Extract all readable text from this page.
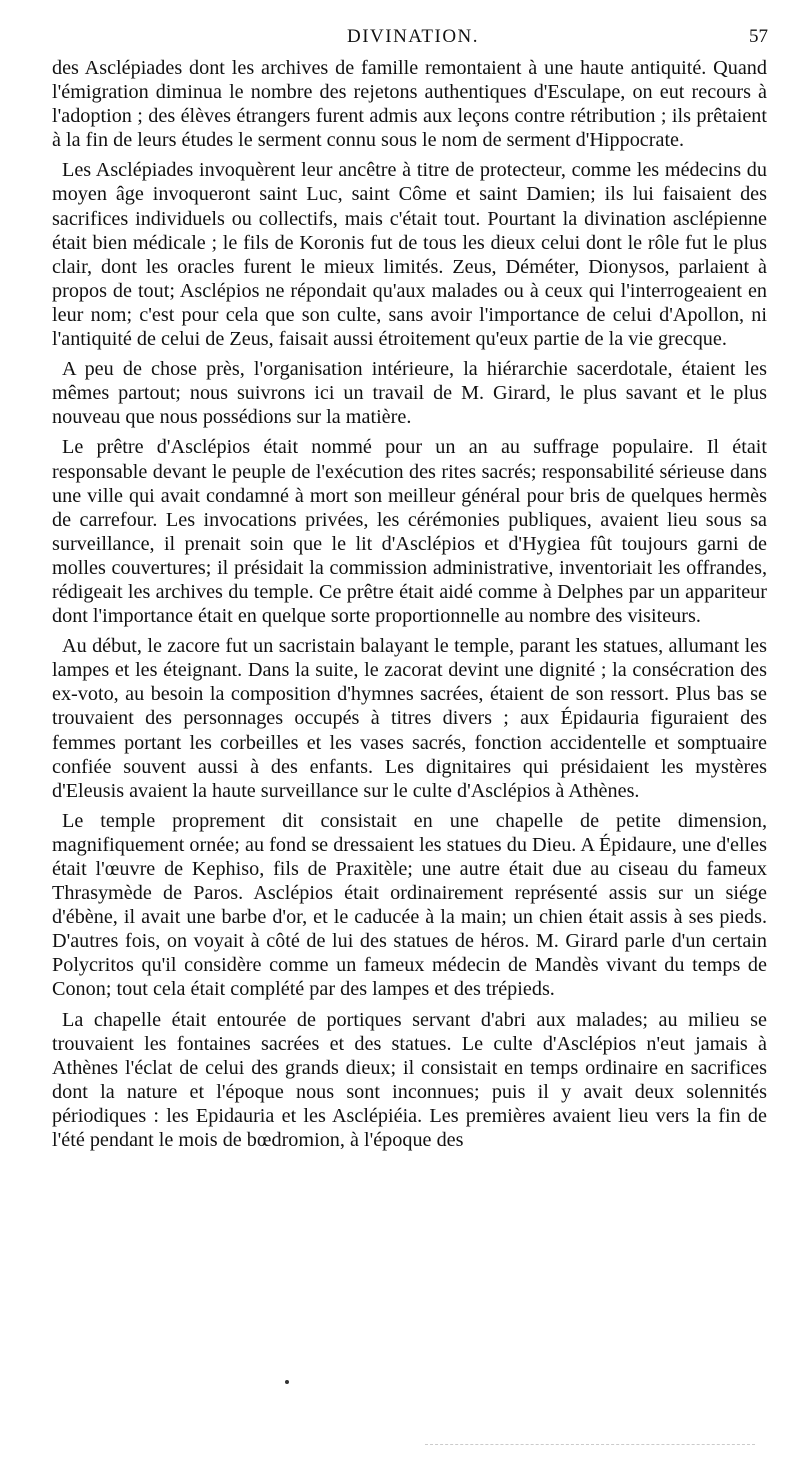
DIVINATION.	57

des Asclépiades dont les archives de famille remontaient à une haute antiquité. Quand l'émigration diminua le nombre des rejetons authentiques d'Esculape, on eut recours à l'adoption ; des élèves étrangers furent admis aux leçons contre rétribution ; ils prêtaient à la fin de leurs études le serment connu sous le nom de serment d'Hippocrate.

Les Asclépiades invoquèrent leur ancêtre à titre de protecteur, comme les médecins du moyen âge invoqueront saint Luc, saint Côme et saint Damien; ils lui faisaient des sacrifices individuels ou collectifs, mais c'était tout. Pourtant la divination asclépienne était bien médicale ; le fils de Koronis fut de tous les dieux celui dont le rôle fut le plus clair, dont les oracles furent le mieux limités. Zeus, Déméter, Dionysos, parlaient à propos de tout; Asclépios ne répondait qu'aux malades ou à ceux qui l'interrogeaient en leur nom; c'est pour cela que son culte, sans avoir l'importance de celui d'Apollon, ni l'antiquité de celui de Zeus, faisait aussi étroitement qu'eux partie de la vie grecque.

A peu de chose près, l'organisation intérieure, la hiérarchie sacerdotale, étaient les mêmes partout; nous suivrons ici un travail de M. Girard, le plus savant et le plus nouveau que nous possédions sur la matière.

Le prêtre d'Asclépios était nommé pour un an au suffrage populaire. Il était responsable devant le peuple de l'exécution des rites sacrés; responsabilité sérieuse dans une ville qui avait condamné à mort son meilleur général pour bris de quelques hermès de carrefour. Les invocations privées, les cérémonies publiques, avaient lieu sous sa surveillance, il prenait soin que le lit d'Asclépios et d'Hygiea fût toujours garni de molles couvertures; il présidait la commission administrative, inventoriait les offrandes, rédigeait les archives du temple. Ce prêtre était aidé comme à Delphes par un appariteur dont l'importance était en quelque sorte proportionnelle au nombre des visiteurs.

Au début, le zacore fut un sacristain balayant le temple, parant les statues, allumant les lampes et les éteignant. Dans la suite, le zacorat devint une dignité ; la consécration des ex-voto, au besoin la composition d'hymnes sacrées, étaient de son ressort. Plus bas se trouvaient des personnages occupés à titres divers ; aux Épidauria figuraient des femmes portant les corbeilles et les vases sacrés, fonction accidentelle et somptuaire confiée souvent aussi à des enfants. Les dignitaires qui présidaient les mystères d'Eleusis avaient la haute surveillance sur le culte d'Asclépios à Athènes.

Le temple proprement dit consistait en une chapelle de petite dimension, magnifiquement ornée; au fond se dressaient les statues du Dieu. A Épidaure, une d'elles était l'œuvre de Kephiso, fils de Praxitèle; une autre était due au ciseau du fameux Thrasymède de Paros. Asclépios était ordinairement représenté assis sur un siége d'ébène, il avait une barbe d'or, et le caducée à la main; un chien était assis à ses pieds. D'autres fois, on voyait à côté de lui des statues de héros. M. Girard parle d'un certain Polycritos qu'il considère comme un fameux médecin de Mandès vivant du temps de Conon; tout cela était complété par des lampes et des trépieds.

La chapelle était entourée de portiques servant d'abri aux malades; au milieu se trouvaient les fontaines sacrées et des statues. Le culte d'Asclépios n'eut jamais à Athènes l'éclat de celui des grands dieux; il consistait en temps ordinaire en sacrifices dont la nature et l'époque nous sont inconnues; puis il y avait deux solennités périodiques : les Epidauria et les Asclépiéia. Les premières avaient lieu vers la fin de l'été pendant le mois de bœdromion, à l'époque des
